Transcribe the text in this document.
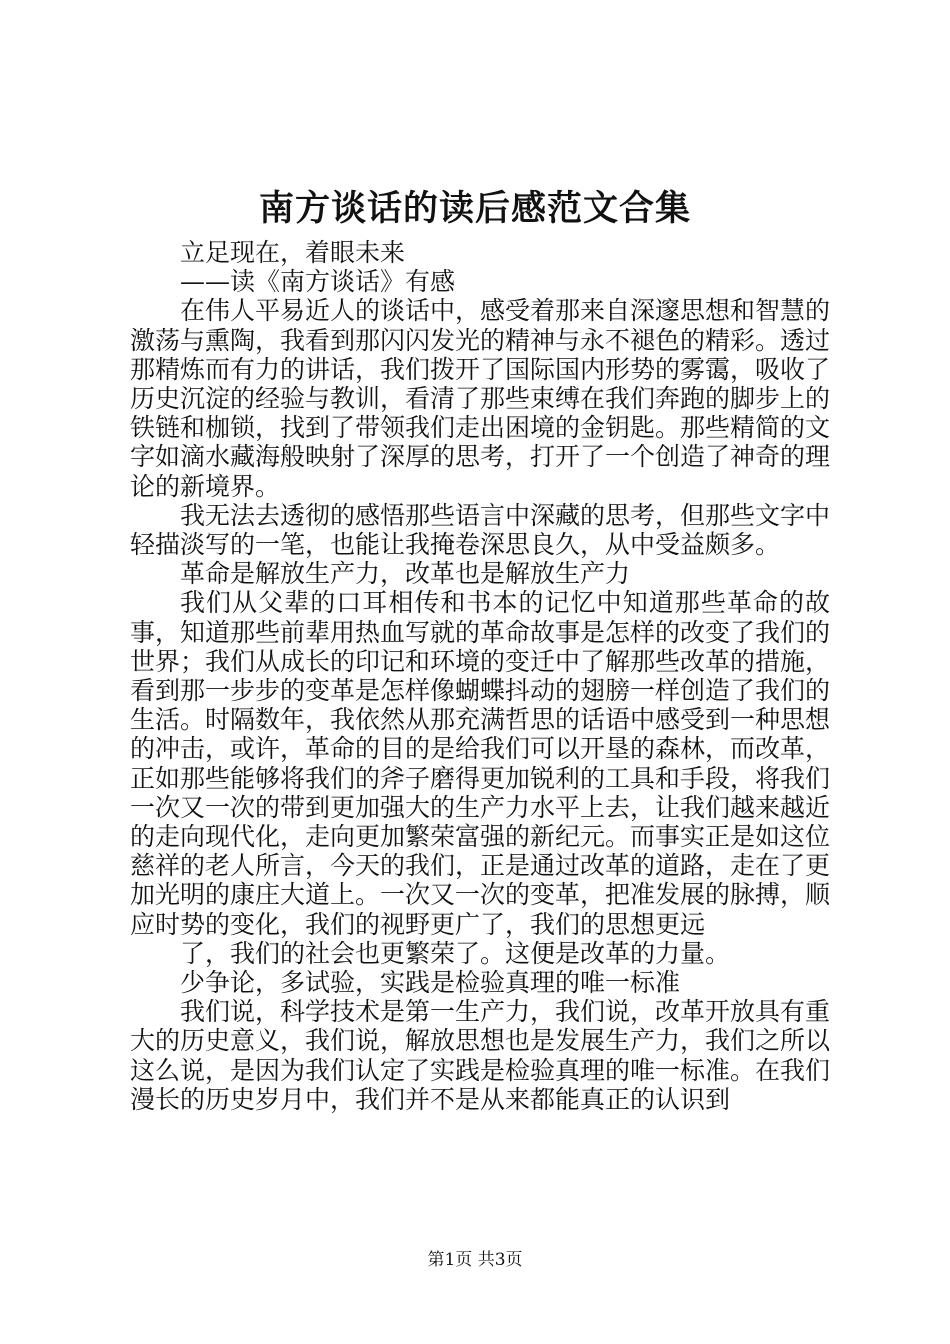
南方谈话的读后感范文合集

立足现在，着眼未来

——读《南方谈话》有感

在伟人平易近人的谈话中，感受着那来自深邃思想和智慧的激荡与熏陶，我看到那闪闪发光的精神与永不褪色的精彩。透过那精炼而有力的讲话，我们拨开了国际国内形势的雾霭，吸收了历史沉淀的经验与教训，看清了那些束缚在我们奔跑的脚步上的铁链和枷锁，找到了带领我们走出困境的金钥匙。那些精简的文字如滴水藏海般映射了深厚的思考，打开了一个创造了神奇的理论的新境界。

我无法去透彻的感悟那些语言中深藏的思考，但那些文字中轻描淡写的一笔，也能让我掩卷深思良久，从中受益颇多。

革命是解放生产力，改革也是解放生产力

我们从父辈的口耳相传和书本的记忆中知道那些革命的故事，知道那些前辈用热血写就的革命故事是怎样的改变了我们的世界；我们从成长的印记和环境的变迁中了解那些改革的措施，看到那一步步的变革是怎样像蝴蝶抖动的翅膀一样创造了我们的生活。时隔数年，我依然从那充满哲思的话语中感受到一种思想的冲击，或许，革命的目的是给我们可以开垦的森林，而改革，正如那些能够将我们的斧子磨得更加锐利的工具和手段，将我们一次又一次的带到更加强大的生产力水平上去，让我们越来越近的走向现代化，走向更加繁荣富强的新纪元。而事实正是如这位慈祥的老人所言，今天的我们，正是通过改革的道路，走在了更加光明的康庄大道上。一次又一次的变革，把准发展的脉搏，顺应时势的变化，我们的视野更广了，我们的思想更远

了，我们的社会也更繁荣了。这便是改革的力量。

少争论，多试验，实践是检验真理的唯一标准

我们说，科学技术是第一生产力，我们说，改革开放具有重大的历史意义，我们说，解放思想也是发展生产力，我们之所以这么说，是因为我们认定了实践是检验真理的唯一标准。在我们漫长的历史岁月中，我们并不是从来都能真正的认识到

第1页 共3页
